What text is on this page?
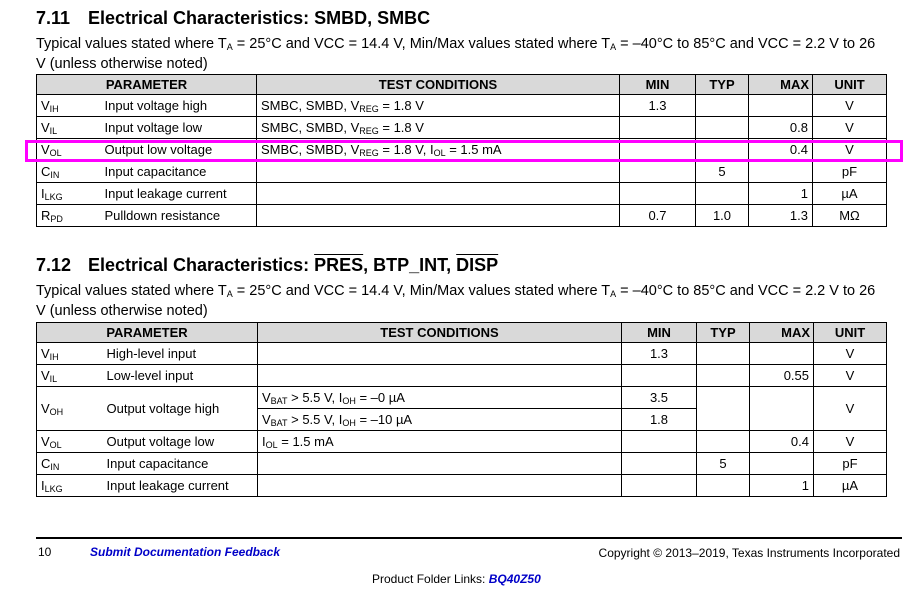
7.11 Electrical Characteristics: SMBD, SMBC
Typical values stated where $T_A = 25^\circ C$ and VCC = 14.4 V, Min/Max values stated where $T_A = -40^\circ C$ to 85°C and VCC = 2.2 V to 26 V (unless otherwise noted)
PARAMETER		TEST CONDITIONS	MIN	TYP	MAX	UNIT
$V_{IH}$	Input voltage high	SMBC, SMBD, $V_{REG} = 1.8$ V	1.3			V
$V_{IL}$	Input voltage low	SMBC, SMBD, $V_{REG} = 1.8$ V			0.8	V
$V_{OL}$	Output low voltage	SMBC, SMBD, $V_{REG} = 1.8$ V, $I_{OL} = 1.5$ mA			0.4	V
$C_{IN}$	Input capacitance			5		pF
$I_{LKG}$	Input leakage current				1	µA
$R_{PD}$	Pulldown resistance		0.7	1.0	1.3	MΩ
7.12 Electrical Characteristics: PRES, BTP_INT, DISP
Typical values stated where $T_A = 25^\circ C$ and VCC = 14.4 V, Min/Max values stated where $T_A = -40^\circ C$ to 85°C and VCC = 2.2 V to 26 V (unless otherwise noted)
PARAMETER		TEST CONDITIONS	MIN	TYP	MAX	UNIT
$V_{IH}$	High-level input		1.3			V
$V_{IL}$	Low-level input				0.55	V
$V_{OH}$	Output voltage high	$V_{BAT} > 5.5$ V, $I_{OH} = -0$ µA	3.5			V
		$V_{BAT} > 5.5$ V, $I_{OH} = -10$ µA	1.8			
$V_{OL}$	Output voltage low	$I_{OL} = 1.5$ mA			0.4	V
$C_{IN}$	Input capacitance			5		pF
$I_{LKG}$	Input leakage current				1	µA
10	Submit Documentation Feedback	Copyright © 2013–2019, Texas Instruments Incorporated
Product Folder Links: BQ40Z50
